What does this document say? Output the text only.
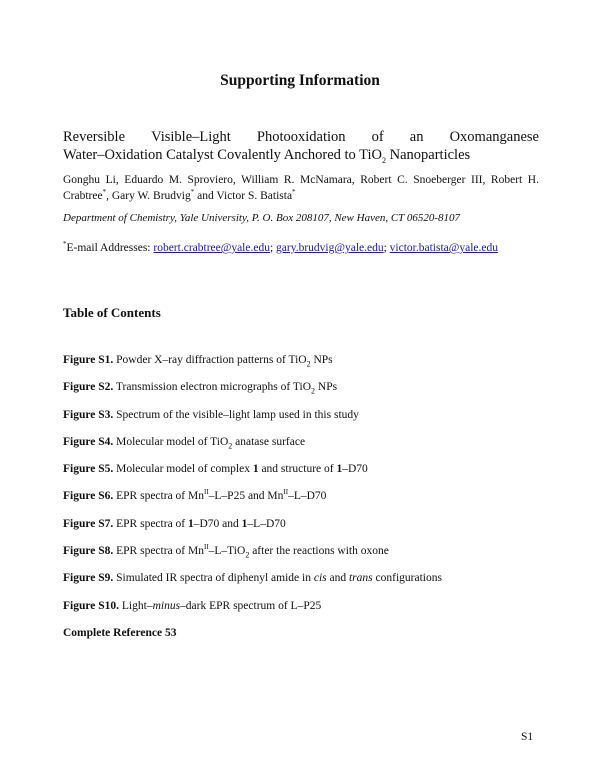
Supporting Information
Reversible Visible–Light Photooxidation of an Oxomanganese
Water–Oxidation Catalyst Covalently Anchored to TiO$_2$ Nanoparticles
Gonghu Li, Eduardo M. Sproviero, William R. McNamara, Robert C. Snoeberger III, Robert H. Crabtree*, Gary W. Brudvig* and Victor S. Batista*
Department of Chemistry, Yale University, P. O. Box 208107, New Haven, CT 06520-8107
*E-mail Addresses: robert.crabtree@yale.edu; gary.brudvig@yale.edu; victor.batista@yale.edu
Table of Contents
Figure S1. Powder X–ray diffraction patterns of TiO$_2$ NPs
Figure S2. Transmission electron micrographs of TiO$_2$ NPs
Figure S3. Spectrum of the visible–light lamp used in this study
Figure S4. Molecular model of TiO$_2$ anatase surface
Figure S5. Molecular model of complex 1 and structure of 1–D70
Figure S6. EPR spectra of $Mn^{II}-L-P25$ and $Mn^{II}-L-D70$
Figure S7. EPR spectra of 1–D70 and 1–L–D70
Figure S8. EPR spectra of $Mn^{II}-L-TiO_2$ after the reactions with oxone
Figure S9. Simulated IR spectra of diphenyl amide in cis and trans configurations
Figure S10. Light–minus–dark EPR spectrum of L–P25
Complete Reference 53
S1
